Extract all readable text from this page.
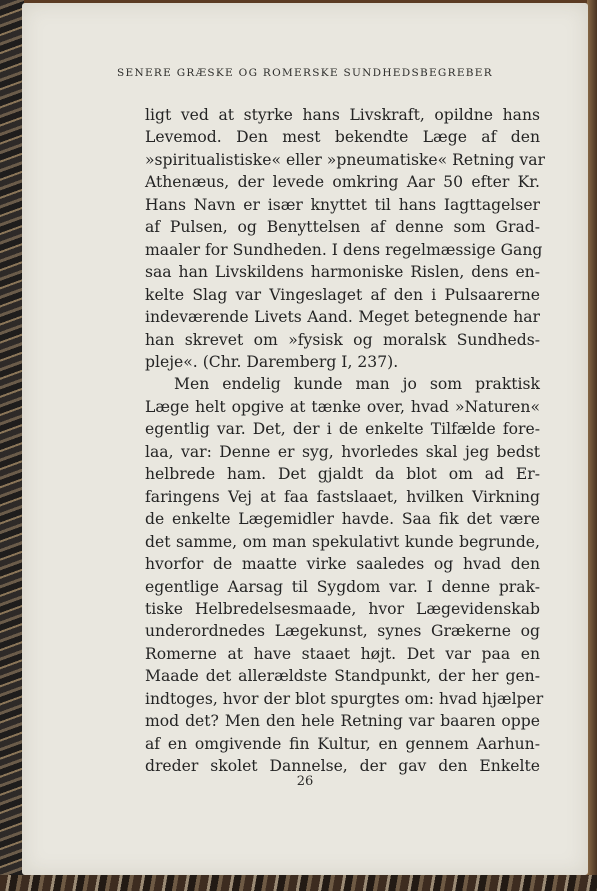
SENERE GRÆSKE OG ROMERSKE SUNDHEDSBEGREBER
ligt ved at styrke hans Livskraft, opildne hans
Levemod. Den mest bekendte Læge af den
»spiritualistiske« eller »pneumatiske« Retning var
Athenæus, der levede omkring Aar 50 efter Kr.
Hans Navn er især knyttet til hans Iagttagelser
af Pulsen, og Benyttelsen af denne som Grad-
maaler for Sundheden. I dens regelmæssige Gang
saa han Livskildens harmoniske Rislen, dens en-
kelte Slag var Vingeslaget af den i Pulsaarerne
indeværende Livets Aand. Meget betegnende har
han skrevet om »fysisk og moralsk Sundheds-
pleje«. (Chr. Daremberg I, 237).
Men endelig kunde man jo som praktisk
Læge helt opgive at tænke over, hvad »Naturen«
egentlig var. Det, der i de enkelte Tilfælde fore-
laa, var: Denne er syg, hvorledes skal jeg bedst
helbrede ham. Det gjaldt da blot om ad Er-
faringens Vej at faa fastslaaet, hvilken Virkning
de enkelte Lægemidler havde. Saa fik det være
det samme, om man spekulativt kunde begrunde,
hvorfor de maatte virke saaledes og hvad den
egentlige Aarsag til Sygdom var. I denne prak-
tiske Helbredelsesmaade, hvor Lægevidenskab
underordnedes Lægekunst, synes Grækerne og
Romerne at have staaet højt. Det var paa en
Maade det allerældste Standpunkt, der her gen-
indtoges, hvor der blot spurgtes om: hvad hjælper
mod det? Men den hele Retning var baaren oppe
af en omgivende fin Kultur, en gennem Aarhun-
dreder skolet Dannelse, der gav den Enkelte
26
